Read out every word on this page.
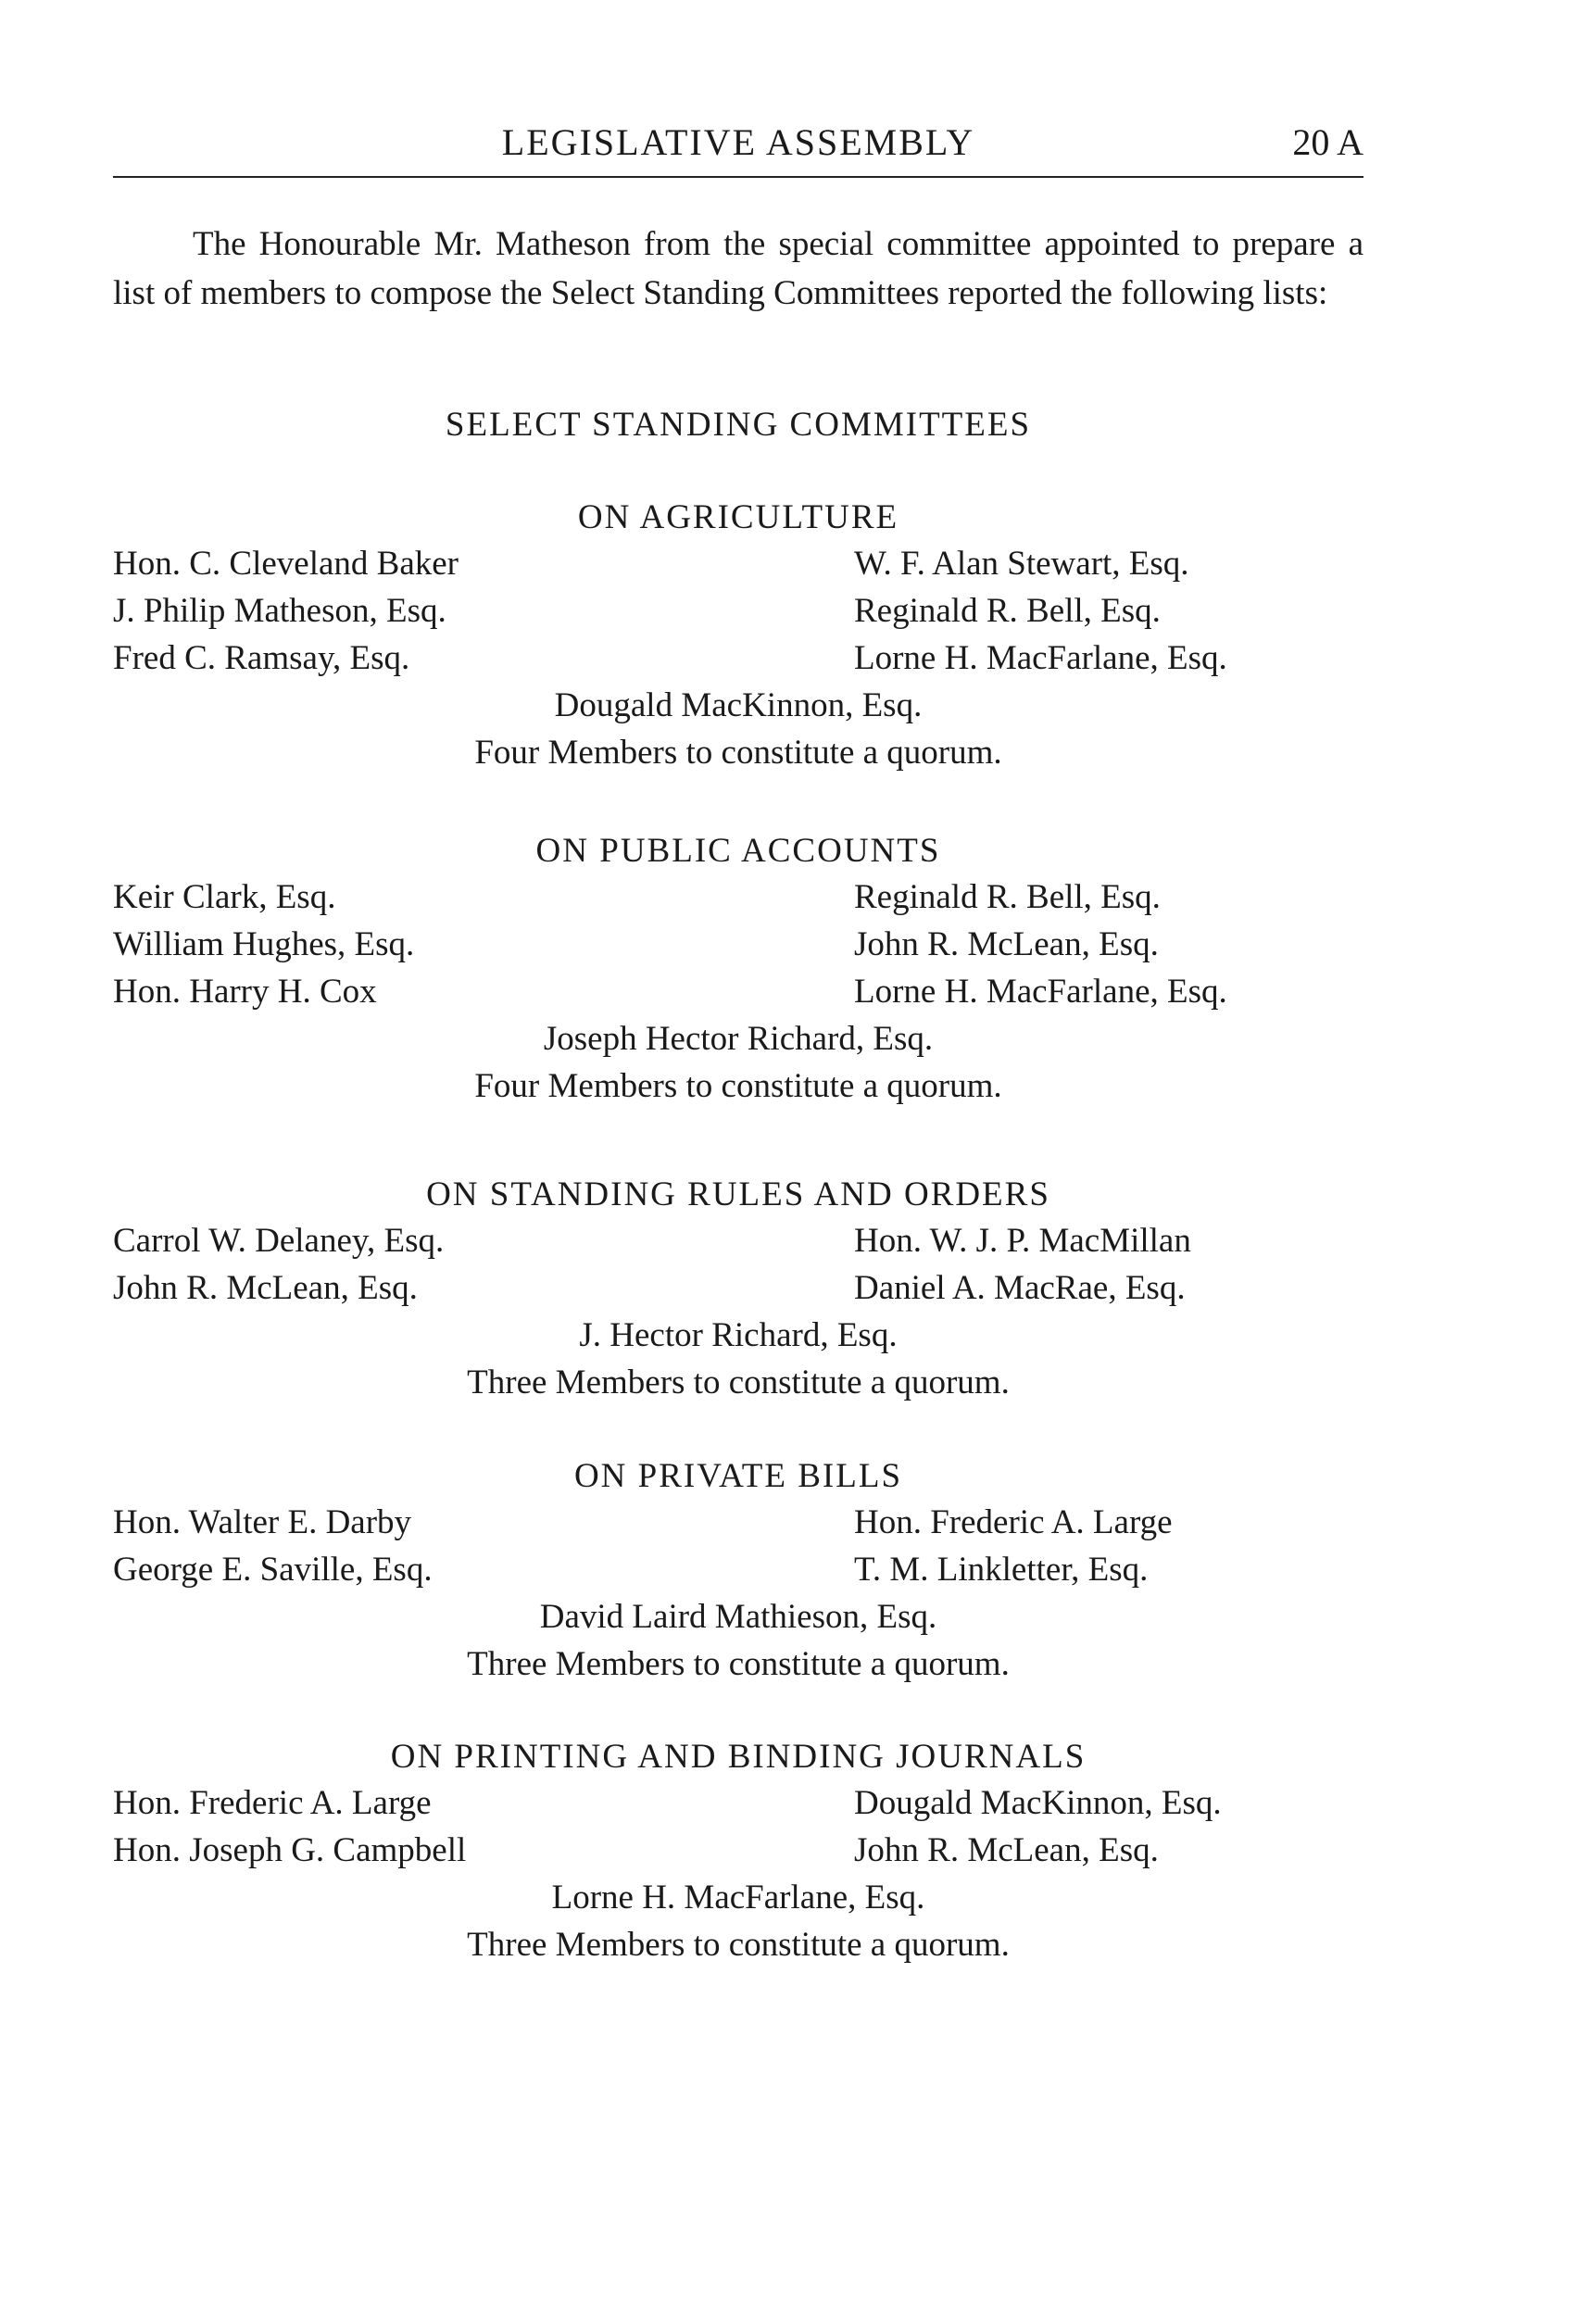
LEGISLATIVE ASSEMBLY	20 A
The Honourable Mr. Matheson from the special committee appointed to prepare a list of members to compose the Select Standing Committees reported the following lists:
SELECT STANDING COMMITTEES
ON AGRICULTURE
Hon. C. Cleveland Baker	W. F. Alan Stewart, Esq.
J. Philip Matheson, Esq.	Reginald R. Bell, Esq.
Fred C. Ramsay, Esq.	Lorne H. MacFarlane, Esq.
Dougald MacKinnon, Esq.
Four Members to constitute a quorum.
ON PUBLIC ACCOUNTS
Keir Clark, Esq.	Reginald R. Bell, Esq.
William Hughes, Esq.	John R. McLean, Esq.
Hon. Harry H. Cox	Lorne H. MacFarlane, Esq.
Joseph Hector Richard, Esq.
Four Members to constitute a quorum.
ON STANDING RULES AND ORDERS
Carrol W. Delaney, Esq.	Hon. W. J. P. MacMillan
John R. McLean, Esq.	Daniel A. MacRae, Esq.
J. Hector Richard, Esq.
Three Members to constitute a quorum.
ON PRIVATE BILLS
Hon. Walter E. Darby	Hon. Frederic A. Large
George E. Saville, Esq.	T. M. Linkletter, Esq.
David Laird Mathieson, Esq.
Three Members to constitute a quorum.
ON PRINTING AND BINDING JOURNALS
Hon. Frederic A. Large	Dougald MacKinnon, Esq.
Hon. Joseph G. Campbell	John R. McLean, Esq.
Lorne H. MacFarlane, Esq.
Three Members to constitute a quorum.
